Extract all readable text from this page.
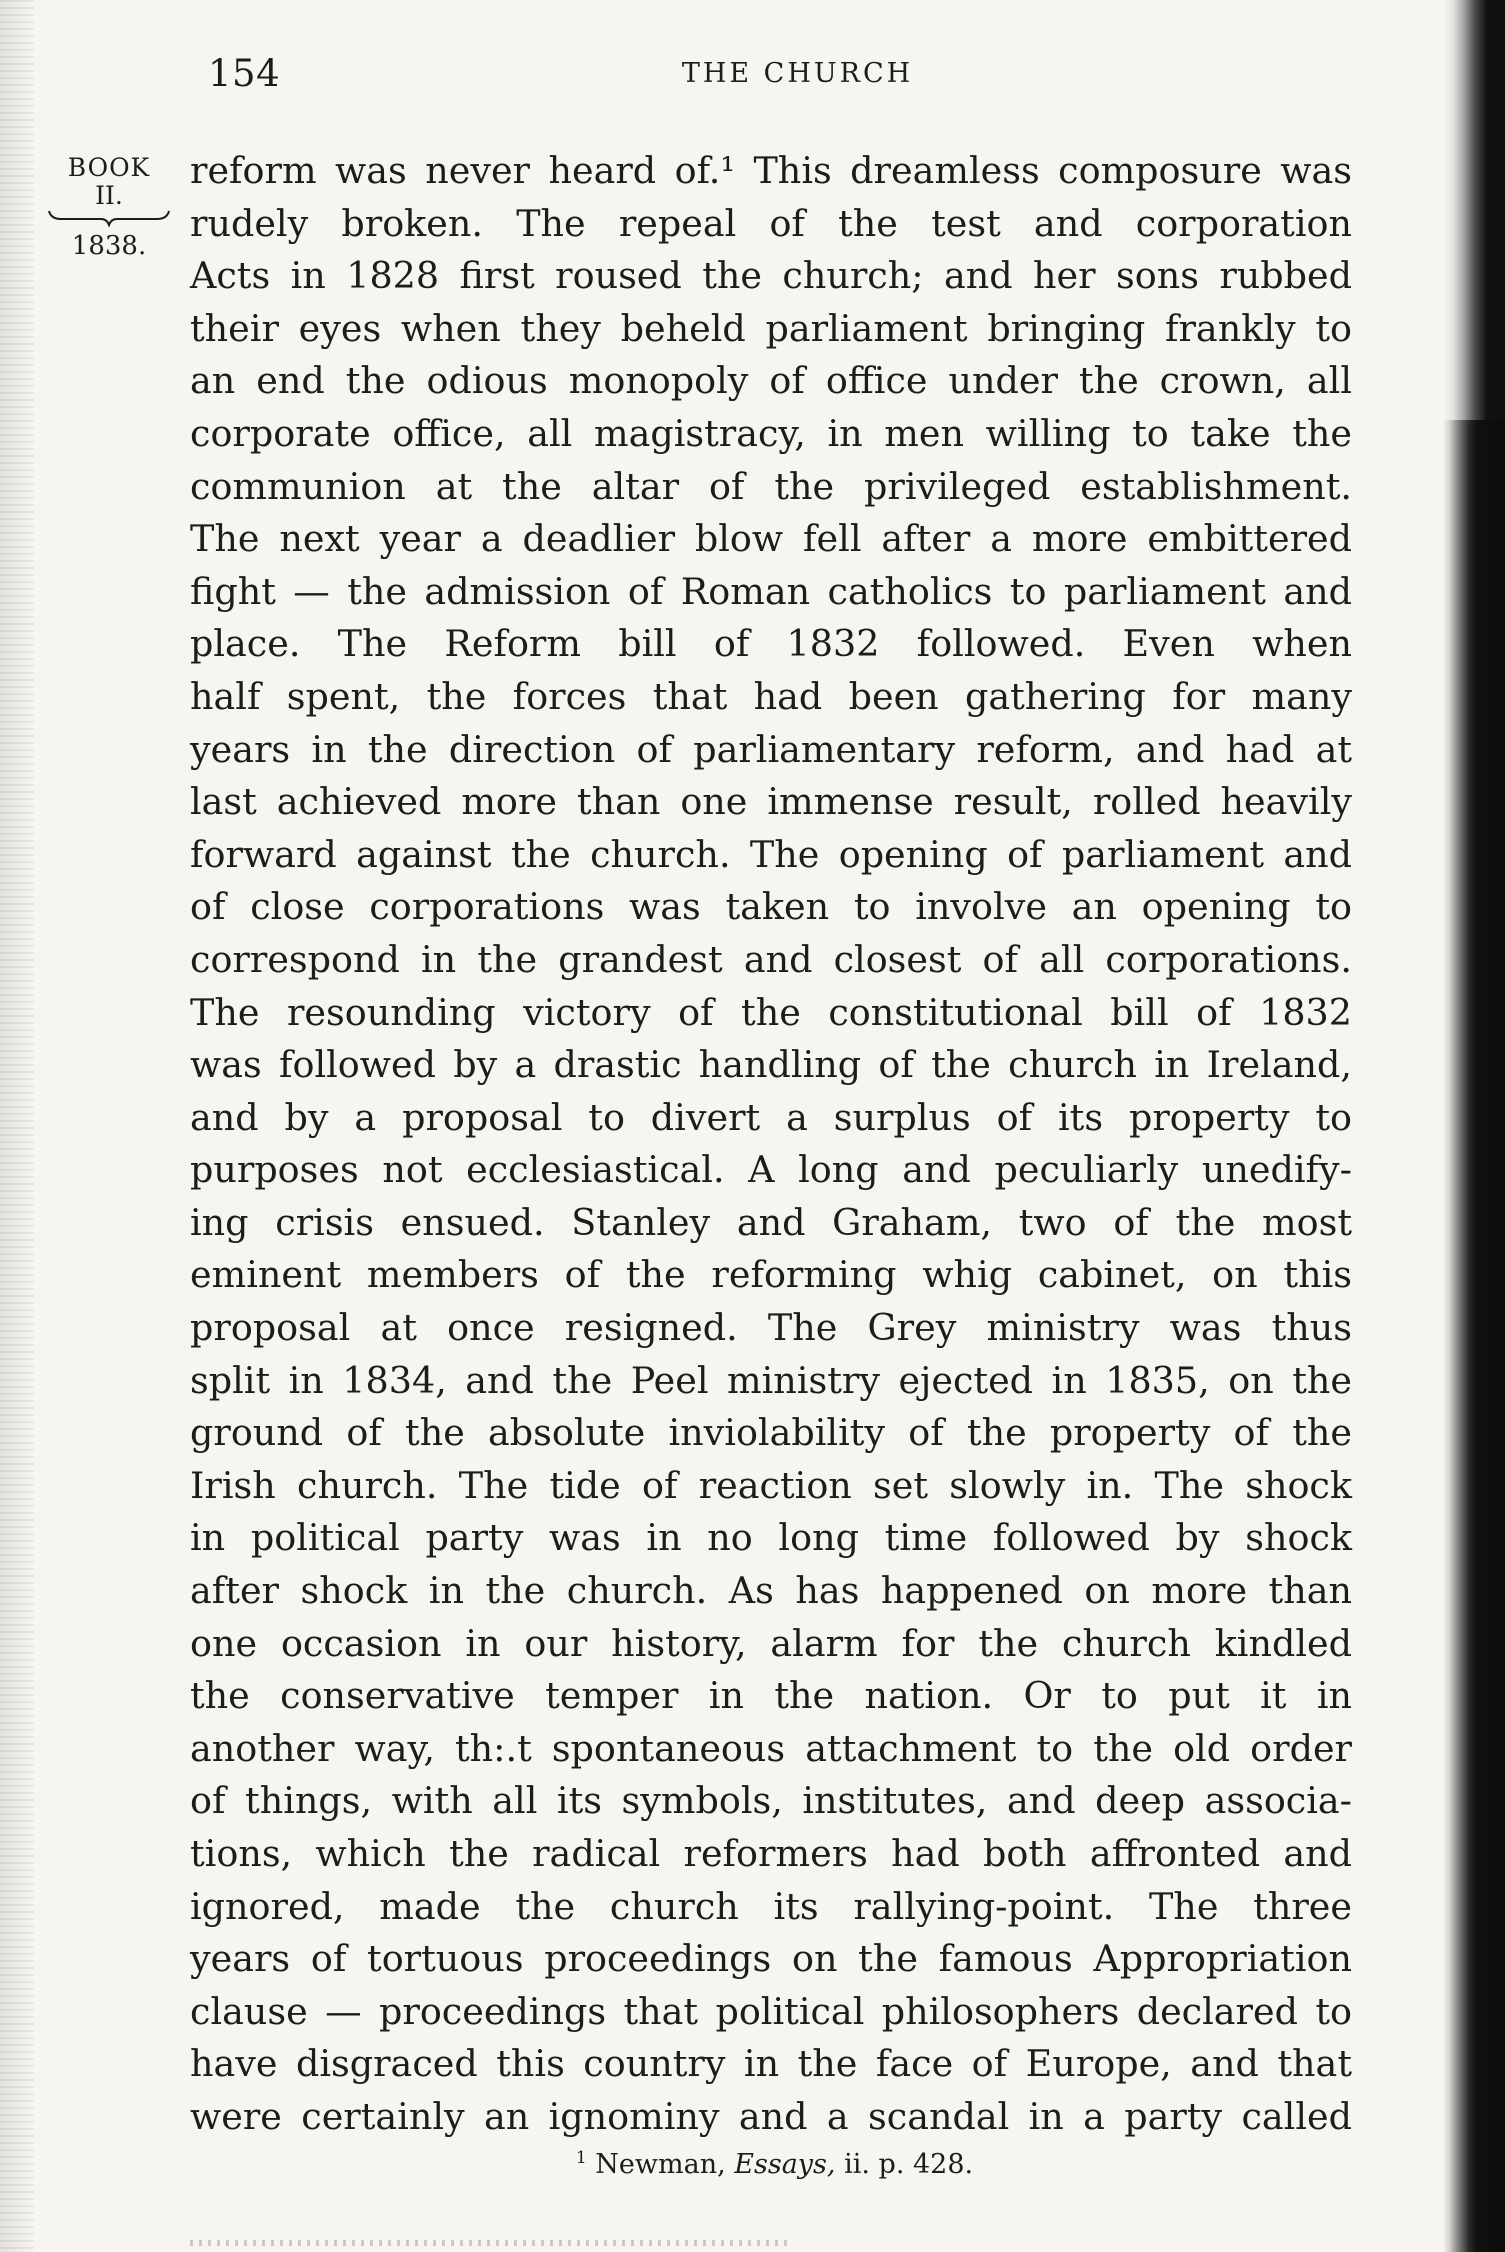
154	THE CHURCH
BOOK
II.
1838.
reform was never heard of.¹ This dreamless composure was
rudely broken. The repeal of the test and corporation
Acts in 1828 first roused the church; and her sons rubbed
their eyes when they beheld parliament bringing frankly to
an end the odious monopoly of office under the crown, all
corporate office, all magistracy, in men willing to take the
communion at the altar of the privileged establishment.
The next year a deadlier blow fell after a more embittered
fight — the admission of Roman catholics to parliament and
place. The Reform bill of 1832 followed. Even when
half spent, the forces that had been gathering for many
years in the direction of parliamentary reform, and had at
last achieved more than one immense result, rolled heavily
forward against the church. The opening of parliament and
of close corporations was taken to involve an opening to
correspond in the grandest and closest of all corporations.
The resounding victory of the constitutional bill of 1832
was followed by a drastic handling of the church in Ireland,
and by a proposal to divert a surplus of its property to
purposes not ecclesiastical. A long and peculiarly unedify-
ing crisis ensued. Stanley and Graham, two of the most
eminent members of the reforming whig cabinet, on this
proposal at once resigned. The Grey ministry was thus
split in 1834, and the Peel ministry ejected in 1835, on the
ground of the absolute inviolability of the property of the
Irish church. The tide of reaction set slowly in. The shock
in political party was in no long time followed by shock
after shock in the church. As has happened on more than
one occasion in our history, alarm for the church kindled
the conservative temper in the nation. Or to put it in
another way, th:.t spontaneous attachment to the old order
of things, with all its symbols, institutes, and deep associa-
tions, which the radical reformers had both affronted and
ignored, made the church its rallying-point. The three
years of tortuous proceedings on the famous Appropriation
clause — proceedings that political philosophers declared to
have disgraced this country in the face of Europe, and that
were certainly an ignominy and a scandal in a party called
$^1$ Newman, Essays, ii. p. 428.
